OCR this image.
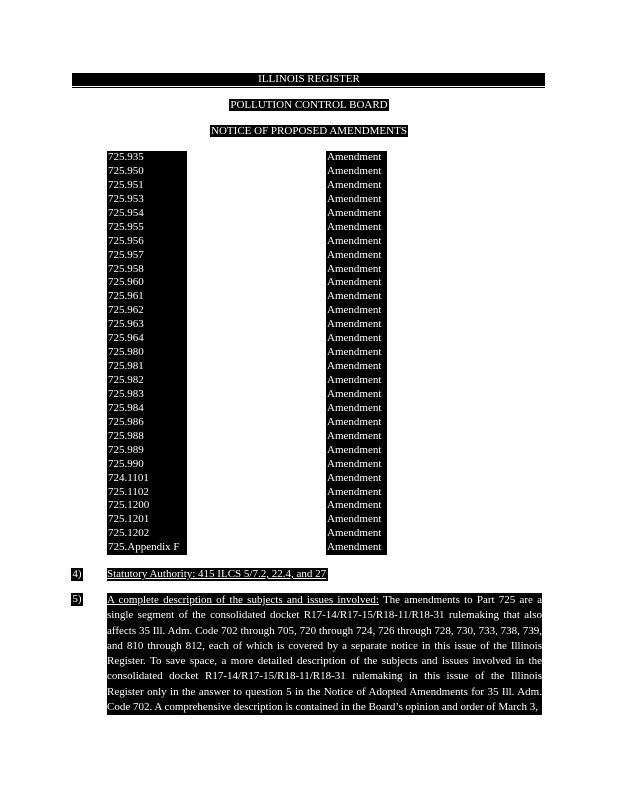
ILLINOIS REGISTER
POLLUTION CONTROL BOARD
NOTICE OF PROPOSED AMENDMENTS
725.935	Amendment
725.950	Amendment
725.951	Amendment
725.953	Amendment
725.954	Amendment
725.955	Amendment
725.956	Amendment
725.957	Amendment
725.958	Amendment
725.960	Amendment
725.961	Amendment
725.962	Amendment
725.963	Amendment
725.964	Amendment
725.980	Amendment
725.981	Amendment
725.982	Amendment
725.983	Amendment
725.984	Amendment
725.986	Amendment
725.988	Amendment
725.989	Amendment
725.990	Amendment
724.1101	Amendment
725.1102	Amendment
725.1200	Amendment
725.1201	Amendment
725.1202	Amendment
725.Appendix F	Amendment
4) Statutory Authority: 415 ILCS 5/7.2, 22.4, and 27
5) A complete description of the subjects and issues involved: The amendments to Part 725 are a single segment of the consolidated docket R17-14/R17-15/R18-11/R18-31 rulemaking that also affects 35 Ill. Adm. Code 702 through 705, 720 through 724, 726 through 728, 730, 733, 738, 739, and 810 through 812, each of which is covered by a separate notice in this issue of the Illinois Register. To save space, a more detailed description of the subjects and issues involved in the consolidated docket R17-14/R17-15/R18-11/R18-31 rulemaking in this issue of the Illinois Register only in the answer to question 5 in the Notice of Adopted Amendments for 35 Ill. Adm. Code 702. A comprehensive description is contained in the Board’s opinion and order of March 3,
